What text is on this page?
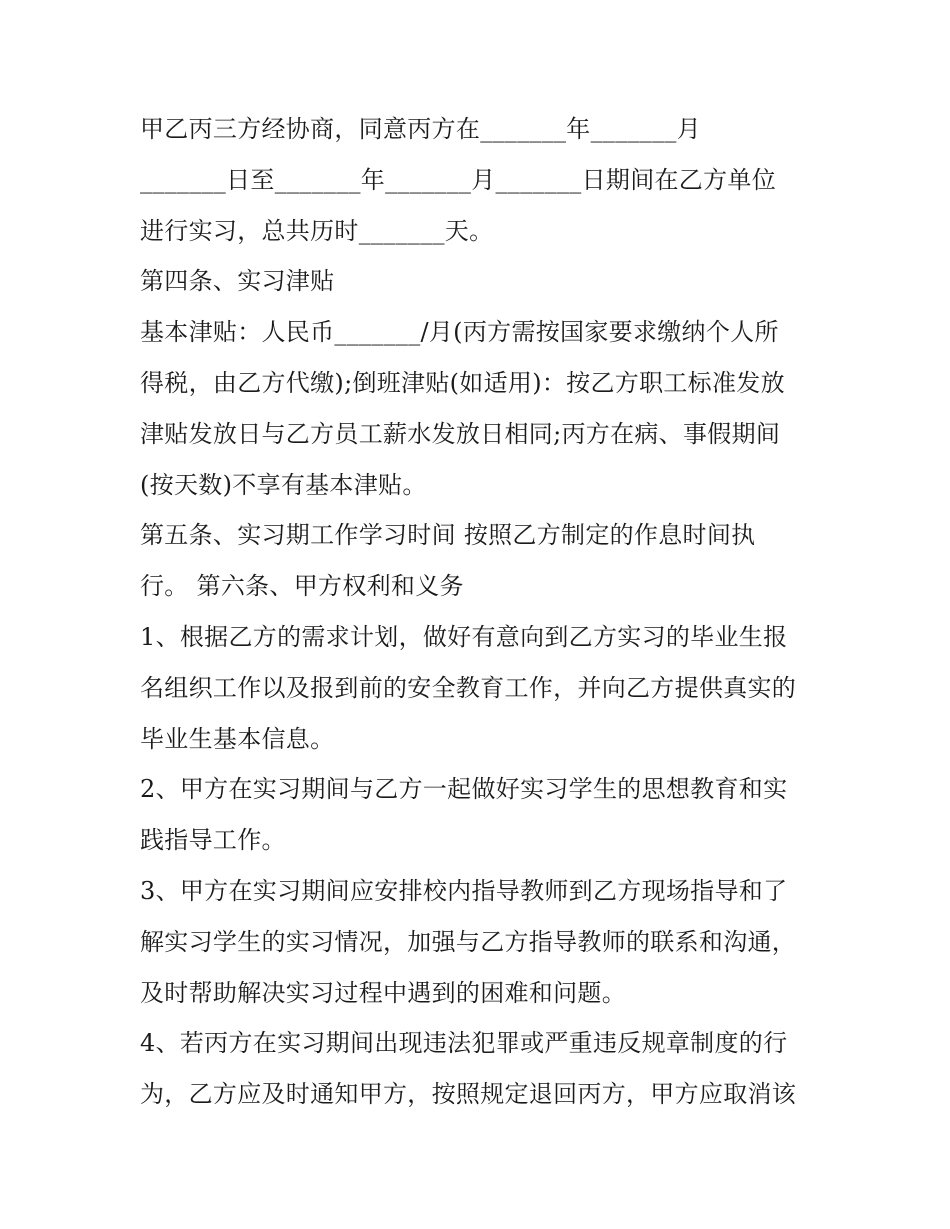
甲乙丙三方经协商，同意丙方在_______年_______月
_______日至_______年_______月_______日期间在乙方单位
进行实习，总共历时_______天。
第四条、实习津贴
基本津贴：人民币_______/月(丙方需按国家要求缴纳个人所
得税，由乙方代缴);倒班津贴(如适用)：按乙方职工标准发放
津贴发放日与乙方员工薪水发放日相同;丙方在病、事假期间
(按天数)不享有基本津贴。
第五条、实习期工作学习时间 按照乙方制定的作息时间执
行。 第六条、甲方权利和义务
1、根据乙方的需求计划，做好有意向到乙方实习的毕业生报
名组织工作以及报到前的安全教育工作，并向乙方提供真实的
毕业生基本信息。
2、甲方在实习期间与乙方一起做好实习学生的思想教育和实
践指导工作。
3、甲方在实习期间应安排校内指导教师到乙方现场指导和了
解实习学生的实习情况，加强与乙方指导教师的联系和沟通，
及时帮助解决实习过程中遇到的困难和问题。
4、若丙方在实习期间出现违法犯罪或严重违反规章制度的行
为，乙方应及时通知甲方，按照规定退回丙方，甲方应取消该
